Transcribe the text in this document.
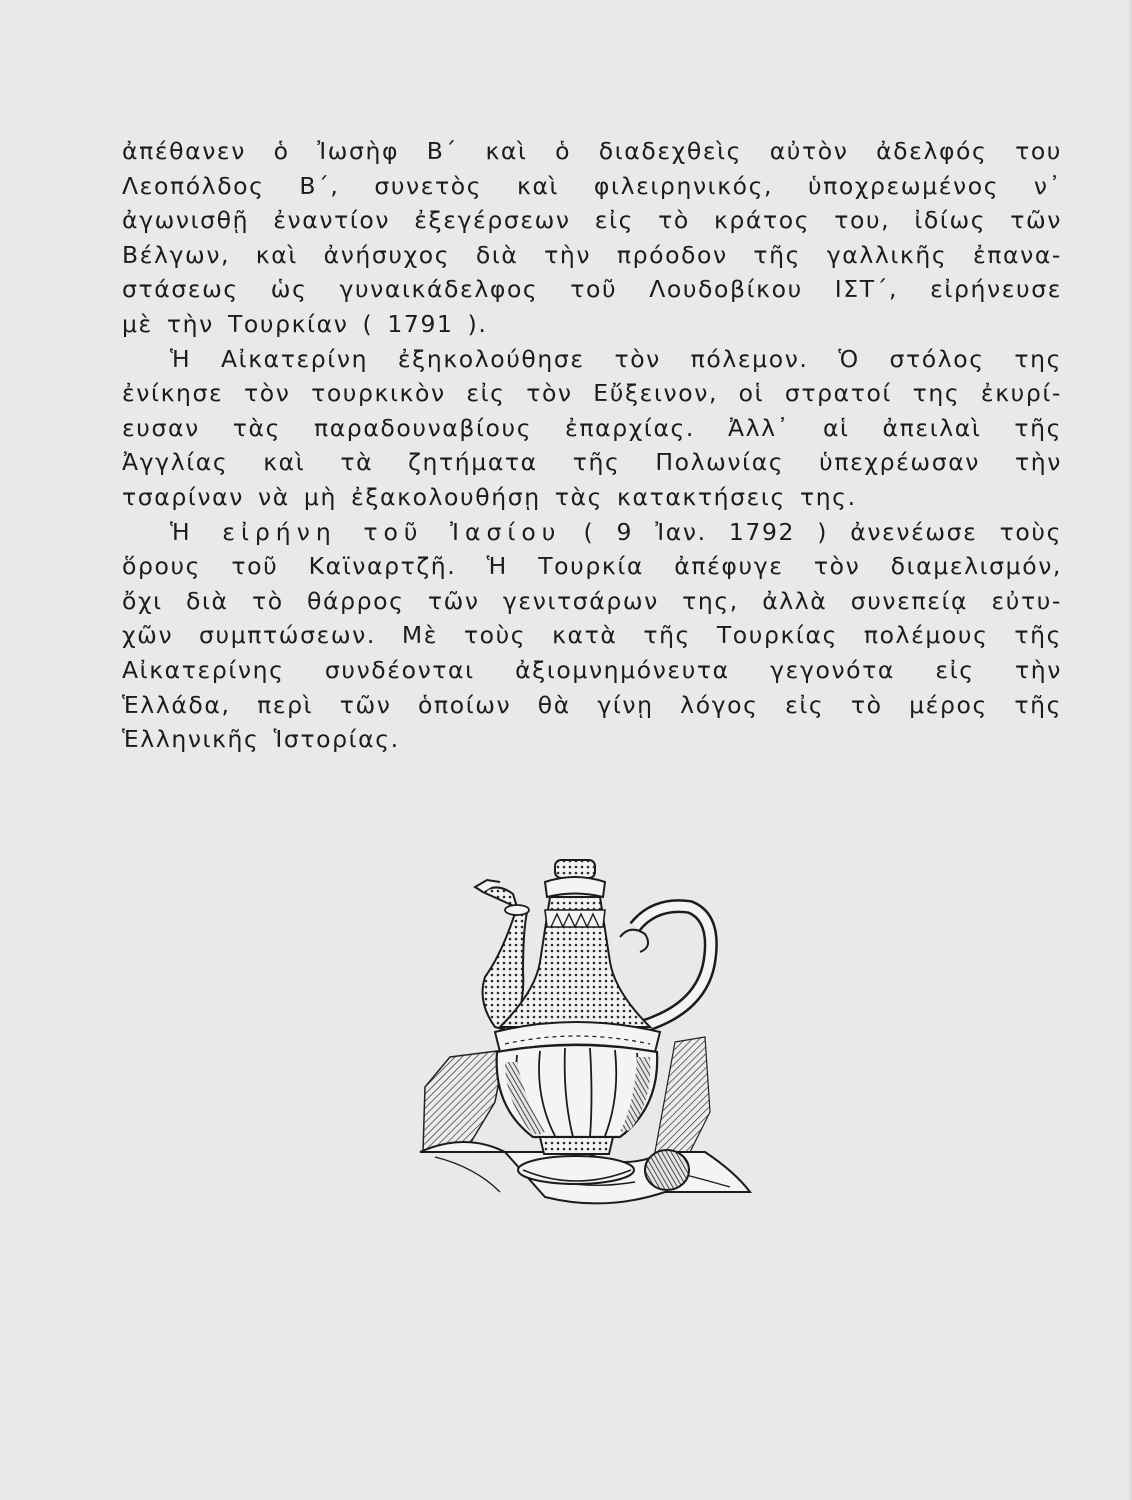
ἀπέθανεν ὁ Ἰωσὴφ Β΄ καὶ ὁ διαδεχθεὶς αὐτὸν ἀδελφός του
Λεοπόλδος Β΄, συνετὸς καὶ φιλειρηνικός, ὑποχρεωμένος ν᾽
ἀγωνισθῇ ἐναντίον ἐξεγέρσεων εἰς τὸ κράτος του, ἰδίως τῶν
Βέλγων, καὶ ἀνήσυχος διὰ τὴν πρόοδον τῆς γαλλικῆς ἐπανα-
στάσεως ὡς γυναικάδελφος τοῦ Λουδοβίκου ΙΣΤ΄, εἰρήνευσε
μὲ τὴν Τουρκίαν ( 1791 ).
Ἡ Αἰκατερίνη ἐξηκολούθησε τὸν πόλεμον. Ὁ στόλος της
ἐνίκησε τὸν τουρκικὸν εἰς τὸν Εὔξεινον, οἱ στρατοί της ἐκυρί-
ευσαν τὰς παραδουναβίους ἐπαρχίας. Ἀλλ᾽ αἱ ἀπειλαὶ τῆς
Ἀγγλίας καὶ τὰ ζητήματα τῆς Πολωνίας ὑπεχρέωσαν τὴν
τσαρίναν νὰ μὴ ἐξακολουθήσῃ τὰς κατακτήσεις της.
Ἡ εἰρήνη τοῦ Ἰασίου ( 9 Ἰαν. 1792 ) ἀνενέωσε τοὺς
ὅρους τοῦ Καϊναρτζῆ. Ἡ Τουρκία ἀπέφυγε τὸν διαμελισμόν,
ὄχι διὰ τὸ θάρρος τῶν γενιτσάρων της, ἀλλὰ συνεπείᾳ εὐτυ-
χῶν συμπτώσεων. Μὲ τοὺς κατὰ τῆς Τουρκίας πολέμους τῆς
Αἰκατερίνης συνδέονται ἀξιομνημόνευτα γεγονότα εἰς τὴν
Ἑλλάδα, περὶ τῶν ὁποίων θὰ γίνῃ λόγος εἰς τὸ μέρος τῆς
Ἑλληνικῆς Ἱστορίας.
